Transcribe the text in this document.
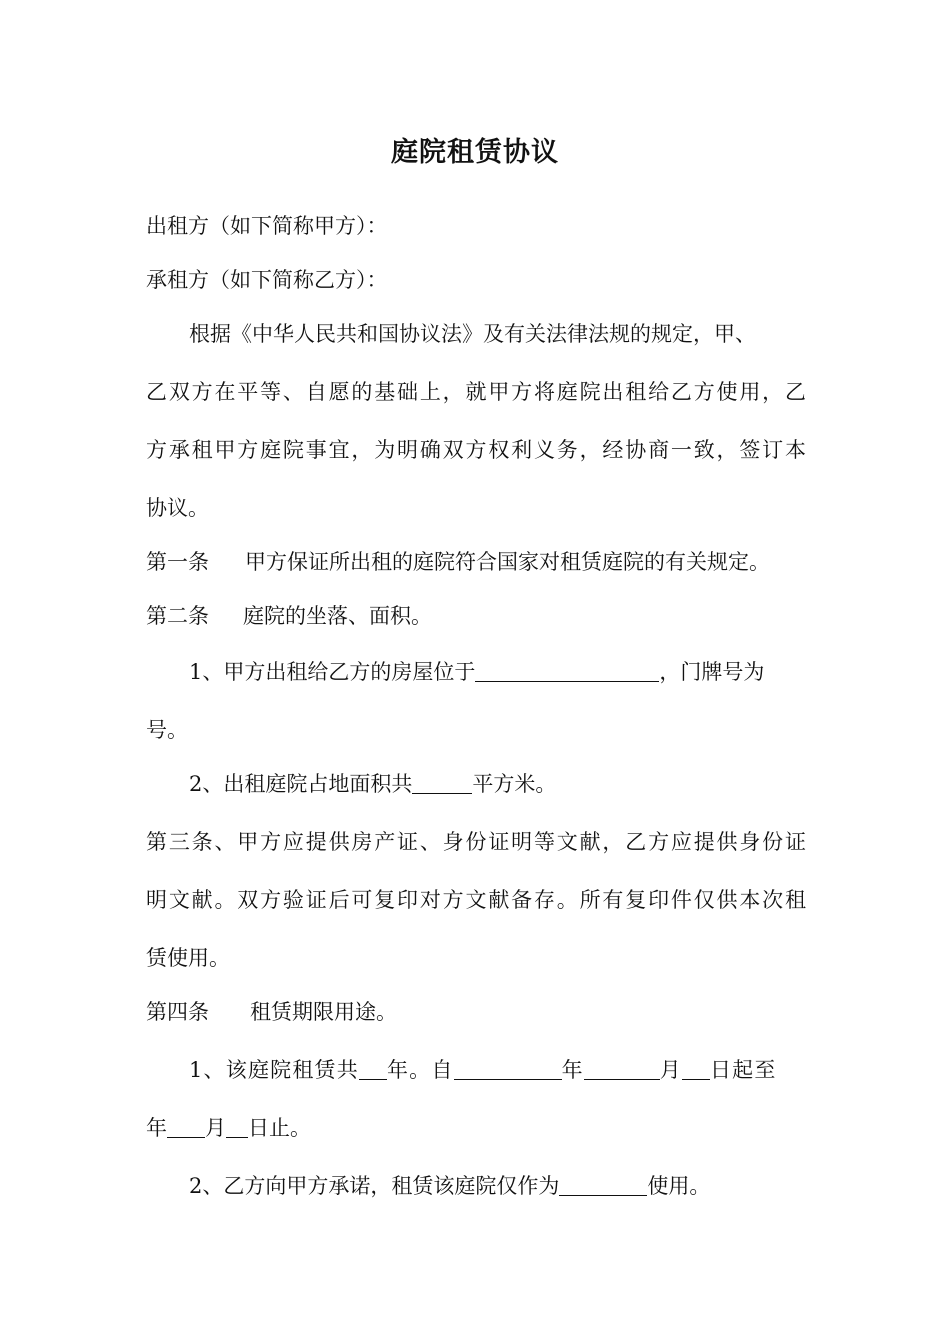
庭院租赁协议
出租方（如下简称甲方）：
承租方（如下简称乙方）：
根据《中华人民共和国协议法》及有关法律法规的规定，甲、
乙双方在平等、自愿的基础上，就甲方将庭院出租给乙方使用，乙
方承租甲方庭院事宜，为明确双方权利义务，经协商一致，签订本
协议。
第一条 甲方保证所出租的庭院符合国家对租赁庭院的有关规定。
第二条 庭院的坐落、面积。
1、甲方出租给乙方的房屋位于	，门牌号为
号。
2、出租庭院占地面积共	平方米。
第三条、甲方应提供房产证、身份证明等文献，乙方应提供身份证
明文献。双方验证后可复印对方文献备存。所有复印件仅供本次租
赁使用。
第四条 租赁期限用途。
1、该庭院租赁共 年。自	年	月 日起至
年 月 日止。
2、乙方向甲方承诺，租赁该庭院仅作为	使用。
